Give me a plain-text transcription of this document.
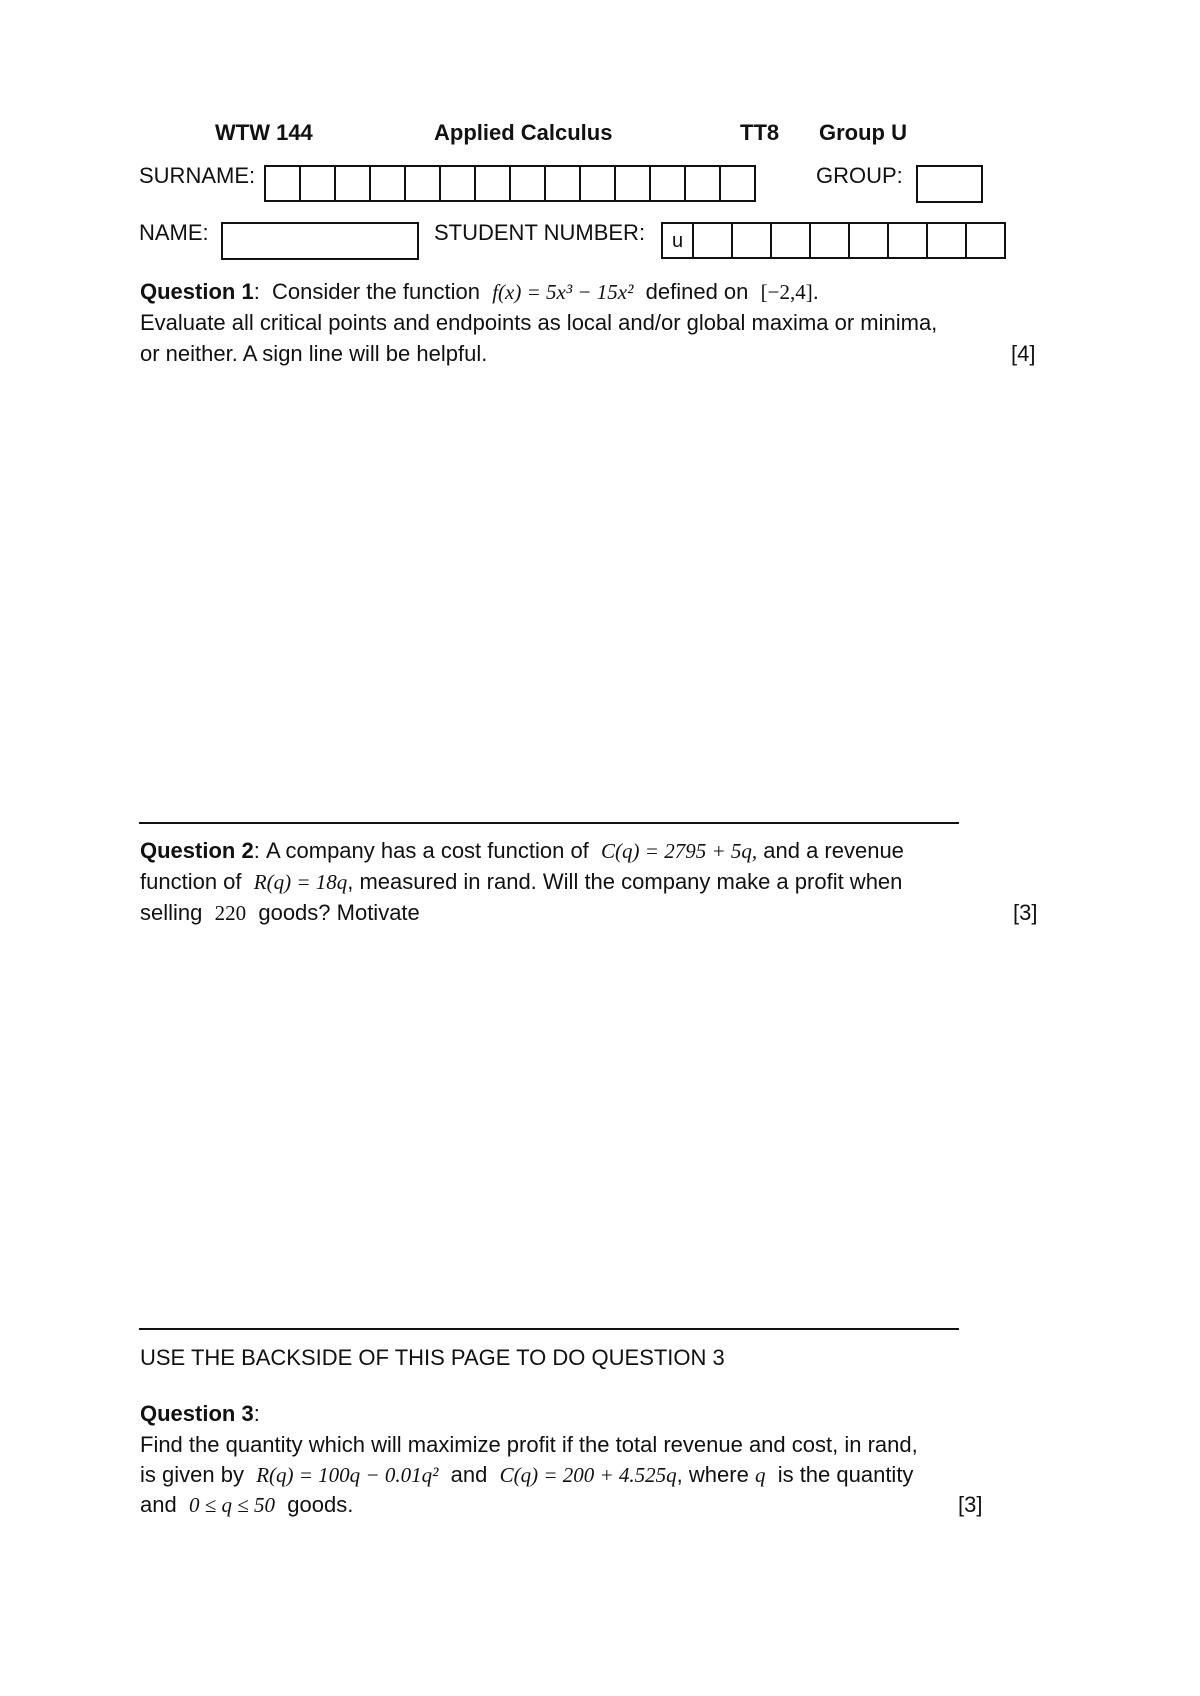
WTW 144	Applied Calculus	TT8 Group U
SURNAME:	GROUP:
NAME:	STUDENT NUMBER: u
Question 1: Consider the function f(x) = 5x³ − 15x² defined on [−2,4].
Evaluate all critical points and endpoints as local and/or global maxima or minima,
or neither. A sign line will be helpful.	[4]
Question 2: A company has a cost function of C(q) = 2795 + 5q, and a revenue
function of R(q) = 18q, measured in rand. Will the company make a profit when
selling 220 goods? Motivate	[3]
USE THE BACKSIDE OF THIS PAGE TO DO QUESTION 3
Question 3:
Find the quantity which will maximize profit if the total revenue and cost, in rand,
is given by R(q) = 100q − 0.01q² and C(q) = 200 + 4.525q, where q is the quantity
and 0 ≤ q ≤ 50 goods.	[3]
